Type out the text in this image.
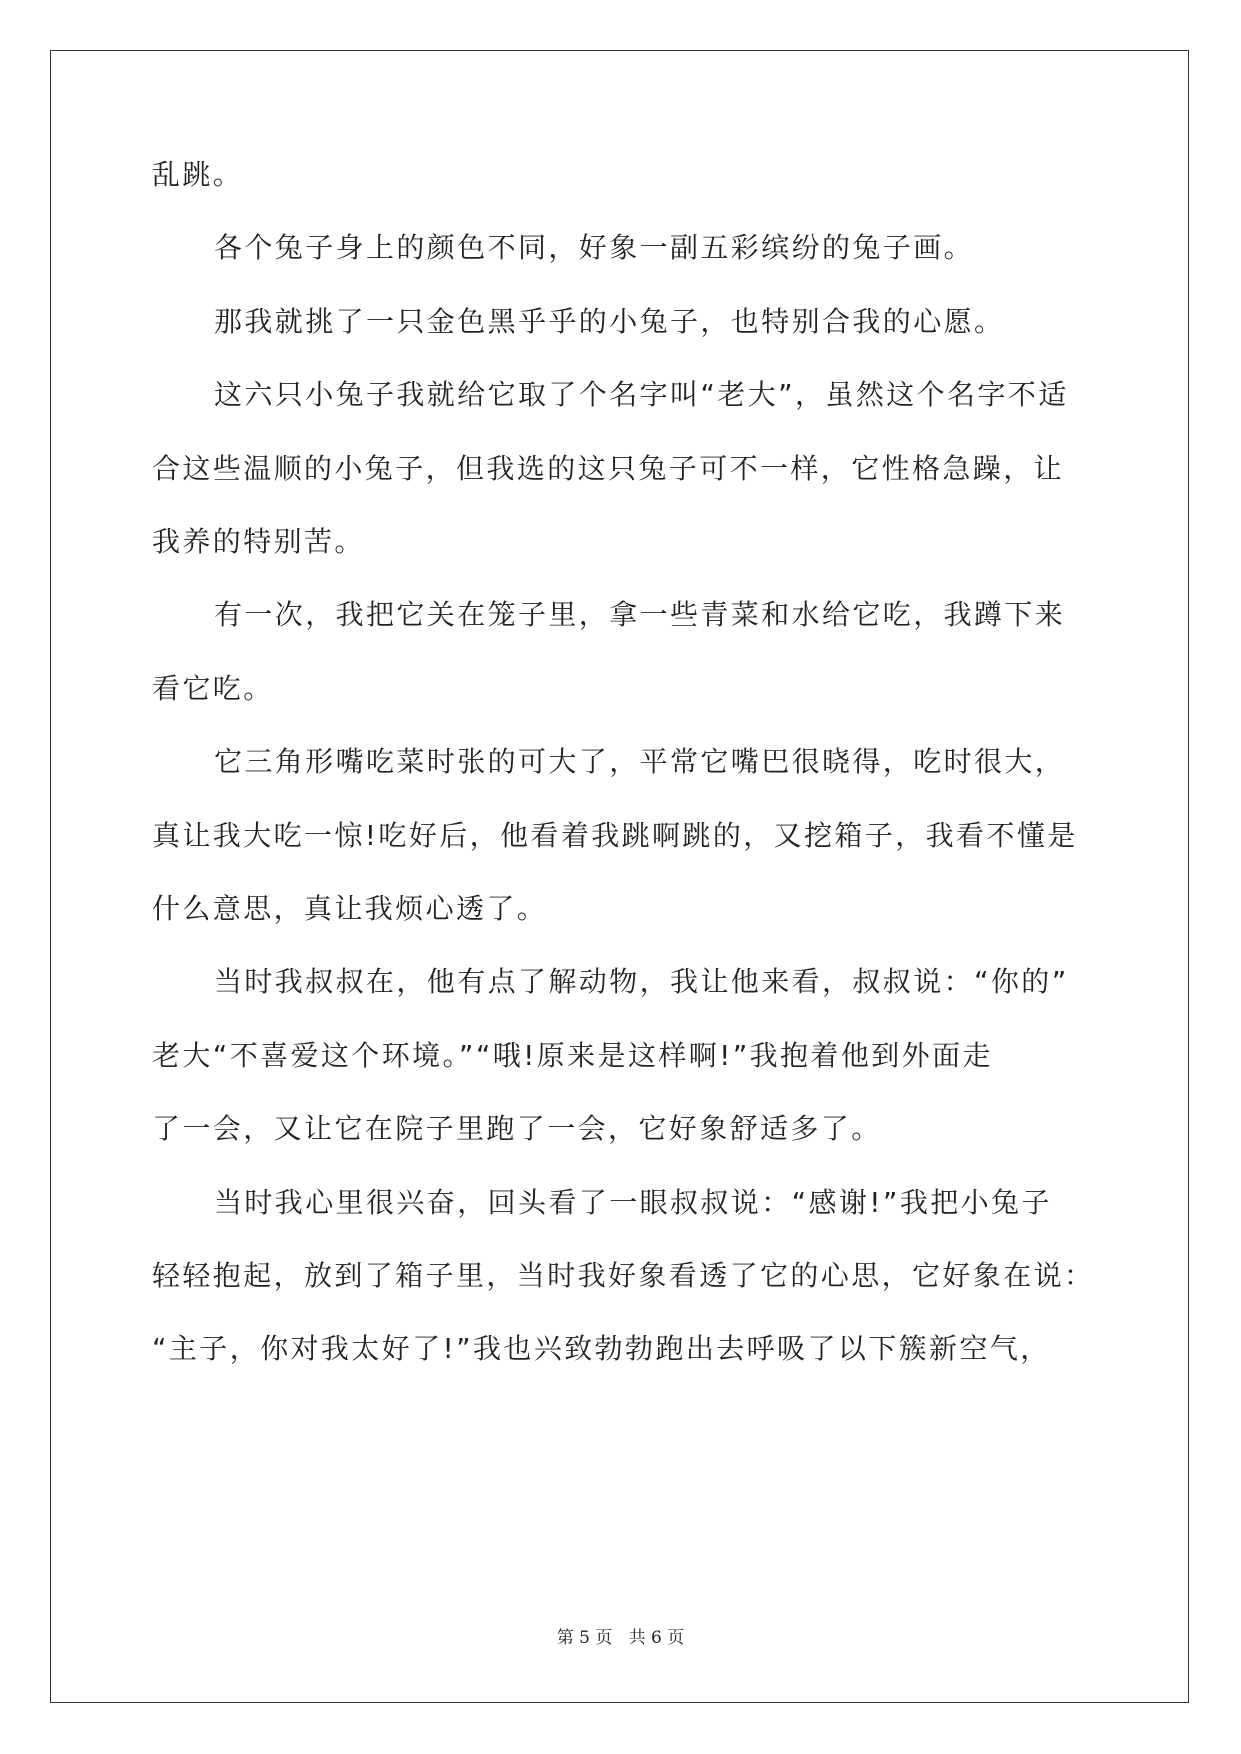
乱跳。
各个兔子身上的颜色不同，好象一副五彩缤纷的兔子画。
那我就挑了一只金色黑乎乎的小兔子，也特别合我的心愿。
这六只小兔子我就给它取了个名字叫“老大”，虽然这个名字不适
合这些温顺的小兔子，但我选的这只兔子可不一样，它性格急躁，让
我养的特别苦。
有一次，我把它关在笼子里，拿一些青菜和水给它吃，我蹲下来
看它吃。
它三角形嘴吃菜时张的可大了，平常它嘴巴很晓得，吃时很大，
真让我大吃一惊!吃好后，他看着我跳啊跳的，又挖箱子，我看不懂是
什么意思，真让我烦心透了。
当时我叔叔在，他有点了解动物，我让他来看，叔叔说：“你的”
老大“不喜爱这个环境。”“哦!原来是这样啊!”我抱着他到外面走
了一会，又让它在院子里跑了一会，它好象舒适多了。
当时我心里很兴奋，回头看了一眼叔叔说：“感谢!”我把小兔子
轻轻抱起，放到了箱子里，当时我好象看透了它的心思，它好象在说：
“主子，你对我太好了!”我也兴致勃勃跑出去呼吸了以下簇新空气，
第 5 页   共 6 页
